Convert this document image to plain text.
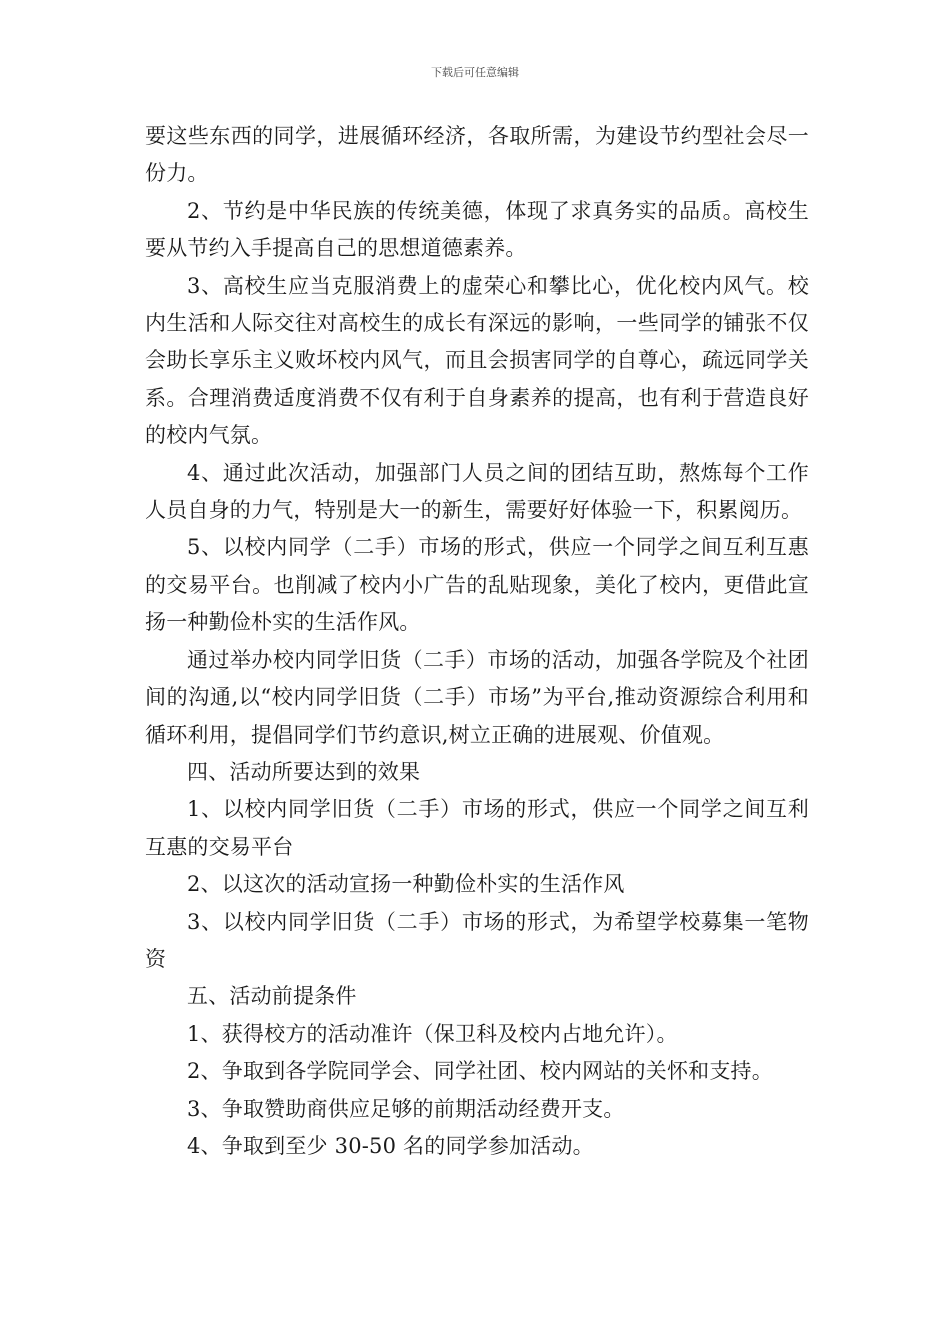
下载后可任意编辑

要这些东西的同学，进展循环经济，各取所需，为建设节约型社会尽一份力。

2、节约是中华民族的传统美德，体现了求真务实的品质。高校生要从节约入手提高自己的思想道德素养。

3、高校生应当克服消费上的虚荣心和攀比心，优化校内风气。校内生活和人际交往对高校生的成长有深远的影响，一些同学的铺张不仅会助长享乐主义败坏校内风气，而且会损害同学的自尊心，疏远同学关系。合理消费适度消费不仅有利于自身素养的提高，也有利于营造良好的校内气氛。

4、通过此次活动，加强部门人员之间的团结互助，熬炼每个工作人员自身的力气，特别是大一的新生，需要好好体验一下，积累阅历。

5、以校内同学（二手）市场的形式，供应一个同学之间互利互惠的交易平台。也削减了校内小广告的乱贴现象，美化了校内，更借此宣扬一种勤俭朴实的生活作风。

通过举办校内同学旧货（二手）市场的活动，加强各学院及个社团间的沟通,以“校内同学旧货（二手）市场”为平台,推动资源综合利用和循环利用，提倡同学们节约意识,树立正确的进展观、价值观。

四、活动所要达到的效果

1、以校内同学旧货（二手）市场的形式，供应一个同学之间互利互惠的交易平台

2、以这次的活动宣扬一种勤俭朴实的生活作风

3、以校内同学旧货（二手）市场的形式，为希望学校募集一笔物资

五、活动前提条件

1、获得校方的活动准许（保卫科及校内占地允许）。

2、争取到各学院同学会、同学社团、校内网站的关怀和支持。

3、争取赞助商供应足够的前期活动经费开支。

4、争取到至少 30-50 名的同学参加活动。
